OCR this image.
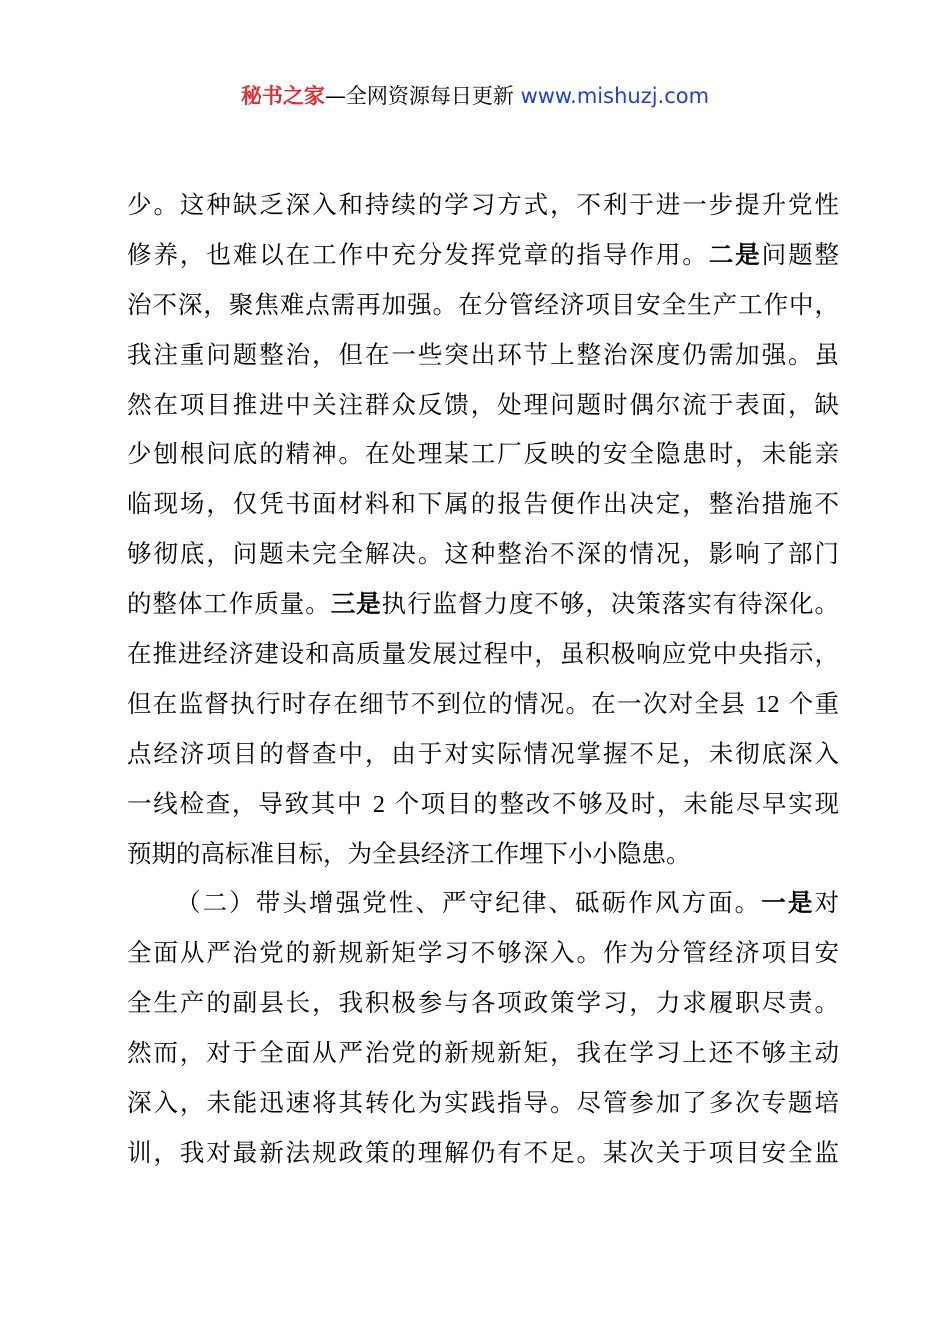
秘书之家—全网资源每日更新 www.mishuzj.com
少。这种缺乏深入和持续的学习方式，不利于进一步提升党性
修养，也难以在工作中充分发挥党章的指导作用。二是问题整
治不深，聚焦难点需再加强。在分管经济项目安全生产工作中，
我注重问题整治，但在一些突出环节上整治深度仍需加强。虽
然在项目推进中关注群众反馈，处理问题时偶尔流于表面，缺
少刨根问底的精神。在处理某工厂反映的安全隐患时，未能亲
临现场，仅凭书面材料和下属的报告便作出决定，整治措施不
够彻底，问题未完全解决。这种整治不深的情况，影响了部门
的整体工作质量。三是执行监督力度不够，决策落实有待深化。
在推进经济建设和高质量发展过程中，虽积极响应党中央指示，
但在监督执行时存在细节不到位的情况。在一次对全县 12 个重
点经济项目的督查中，由于对实际情况掌握不足，未彻底深入
一线检查，导致其中 2 个项目的整改不够及时，未能尽早实现
预期的高标准目标，为全县经济工作埋下小小隐患。
（二）带头增强党性、严守纪律、砥砺作风方面。一是对
全面从严治党的新规新矩学习不够深入。作为分管经济项目安
全生产的副县长，我积极参与各项政策学习，力求履职尽责。
然而，对于全面从严治党的新规新矩，我在学习上还不够主动
深入，未能迅速将其转化为实践指导。尽管参加了多次专题培
训，我对最新法规政策的理解仍有不足。某次关于项目安全监
